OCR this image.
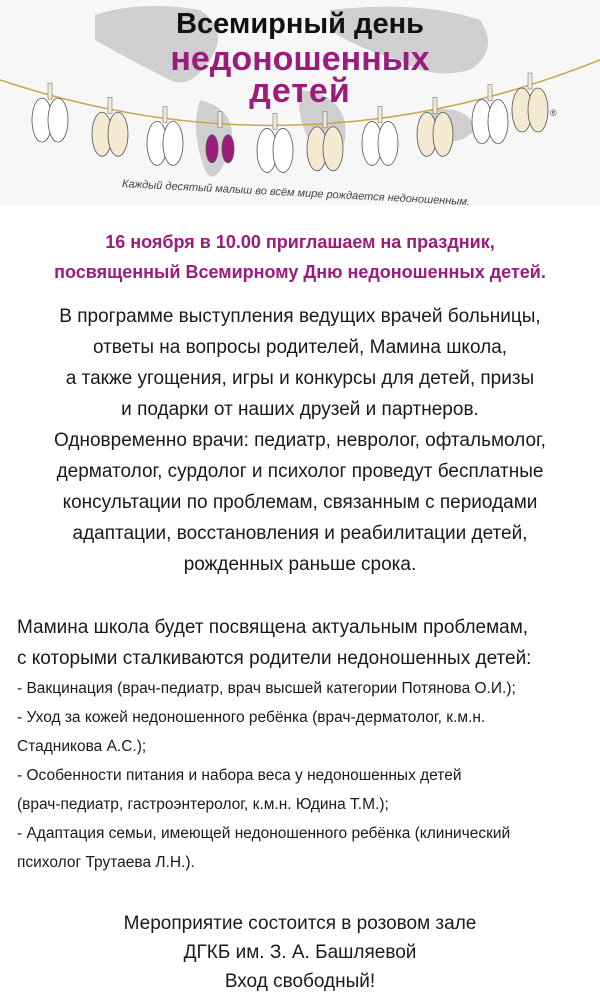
Всемирный день
недоношенных
детей
®
Каждый десятый малыш во всём мире рождается недоношенным.
16 ноября в 10.00 приглашаем на праздник,
посвященный Всемирному Дню недоношенных детей.
В программе выступления ведущих врачей больницы,
ответы на вопросы родителей, Мамина школа,
а также угощения, игры и конкурсы для детей, призы
и подарки от наших друзей и партнеров.
Одновременно врачи: педиатр, невролог, офтальмолог,
дерматолог, сурдолог и психолог проведут бесплатные
консультации по проблемам, связанным с периодами
адаптации, восстановления и реабилитации детей,
рожденных раньше срока.
Мамина школа будет посвящена актуальным проблемам,
с которыми сталкиваются родители недоношенных детей:
- Вакцинация (врач-педиатр, врач высшей категории Потянова О.И.);
- Уход за кожей недоношенного ребёнка (врач-дерматолог, к.м.н.
Стадникова А.С.);
- Особенности питания и набора веса у недоношенных детей
(врач-педиатр, гастроэнтеролог, к.м.н. Юдина Т.М.);
- Адаптация семьи, имеющей недоношенного ребёнка (клинический
психолог Трутаева Л.Н.).
Мероприятие состоится в розовом зале
ДГКБ им. З. А. Башляевой
Вход свободный!
